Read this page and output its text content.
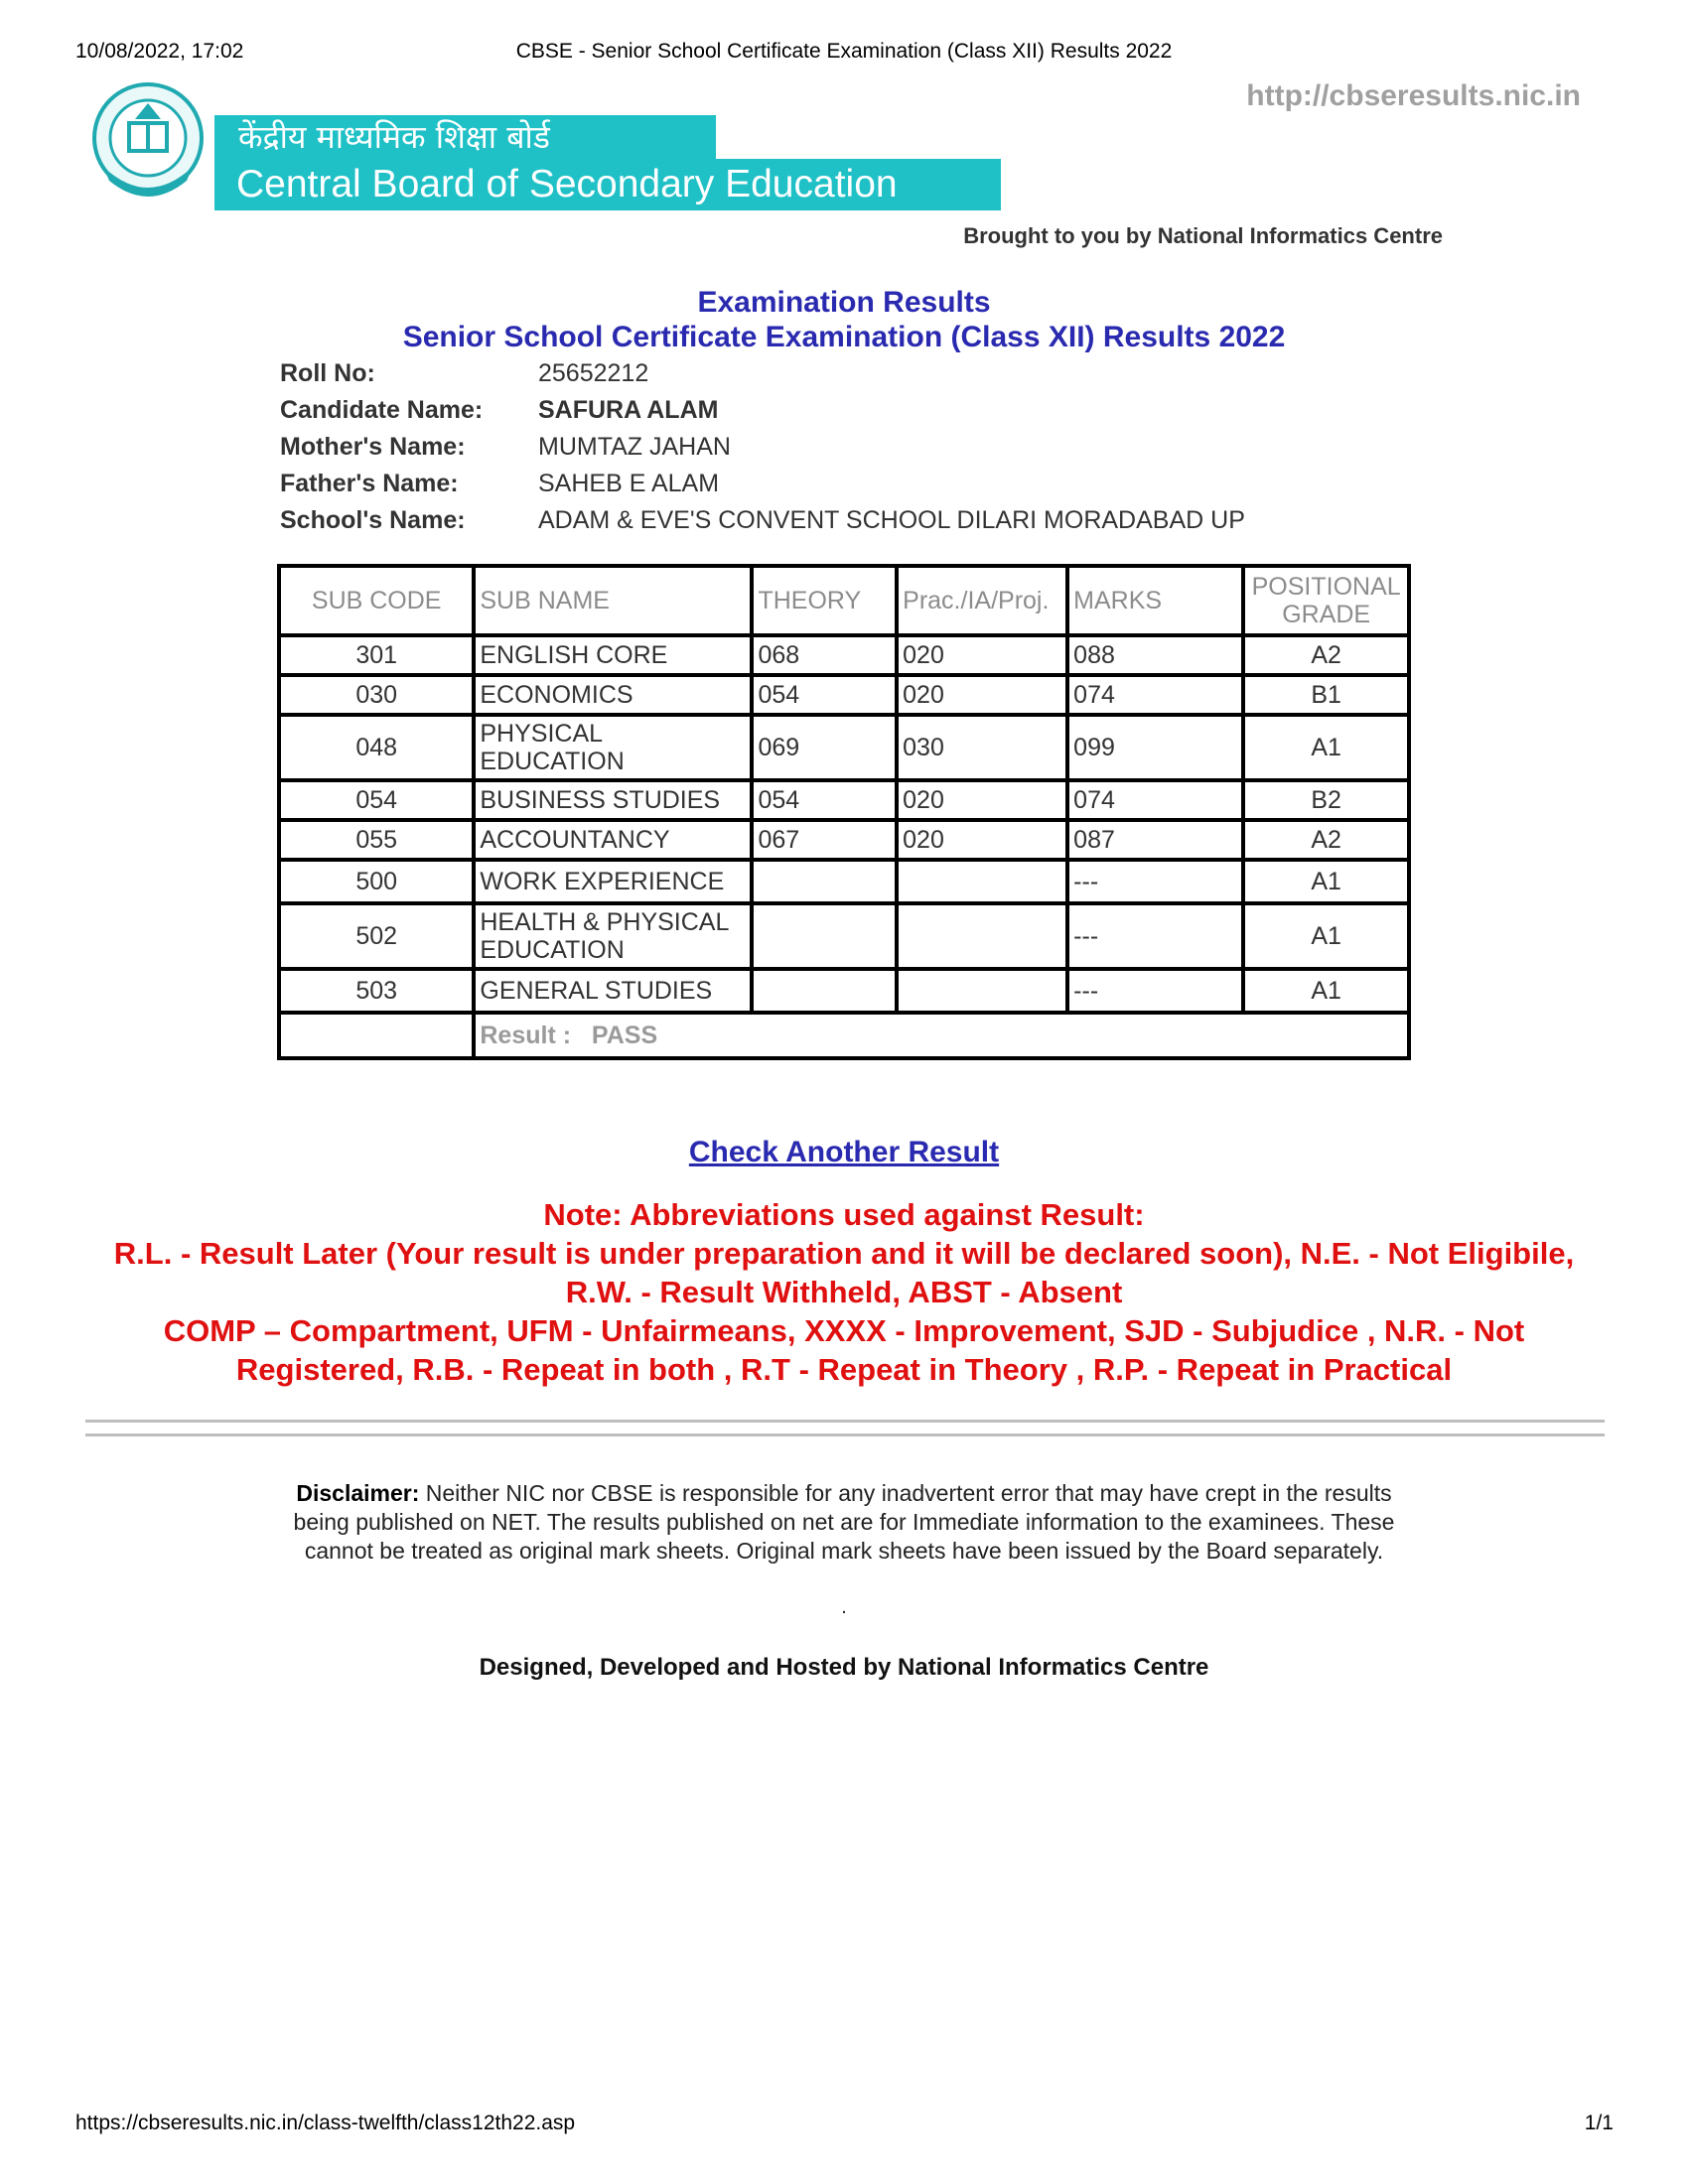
10/08/2022, 17:02	CBSE - Senior School Certificate Examination (Class XII) Results 2022
http://cbseresults.nic.in
केंद्रीय माध्यमिक शिक्षा बोर्ड
Central Board of Secondary Education
Brought to you by National Informatics Centre
Examination Results
Senior School Certificate Examination (Class XII) Results 2022
Roll No:	25652212
Candidate Name:	SAFURA ALAM
Mother's Name:	MUMTAZ JAHAN
Father's Name:	SAHEB E ALAM
School's Name:	ADAM & EVE'S CONVENT SCHOOL DILARI MORADABAD UP
SUB CODE	SUB NAME	THEORY	Prac./IA/Proj.	MARKS	POSITIONAL
GRADE
301	ENGLISH CORE	068	020	088	A2
030	ECONOMICS	054	020	074	B1
048	PHYSICAL EDUCATION	069	030	099	A1
054	BUSINESS STUDIES	054	020	074	B2
055	ACCOUNTANCY	067	020	087	A2
500	WORK EXPERIENCE			---	A1
502	HEALTH & PHYSICAL EDUCATION			---	A1
503	GENERAL STUDIES			---	A1
	Result : PASS				
Check Another Result
Note: Abbreviations used against Result:
R.L. - Result Later (Your result is under preparation and it will be declared soon), N.E. - Not Eligibile,
R.W. - Result Withheld, ABST - Absent
COMP – Compartment, UFM - Unfairmeans, XXXX - Improvement, SJD - Subjudice , N.R. - Not
Registered, R.B. - Repeat in both , R.T - Repeat in Theory , R.P. - Repeat in Practical
Disclaimer: Neither NIC nor CBSE is responsible for any inadvertent error that may have crept in the results being published on NET. The results published on net are for Immediate information to the examinees. These cannot be treated as original mark sheets. Original mark sheets have been issued by the Board separately.
.
Designed, Developed and Hosted by National Informatics Centre
https://cbseresults.nic.in/class-twelfth/class12th22.asp	1/1
